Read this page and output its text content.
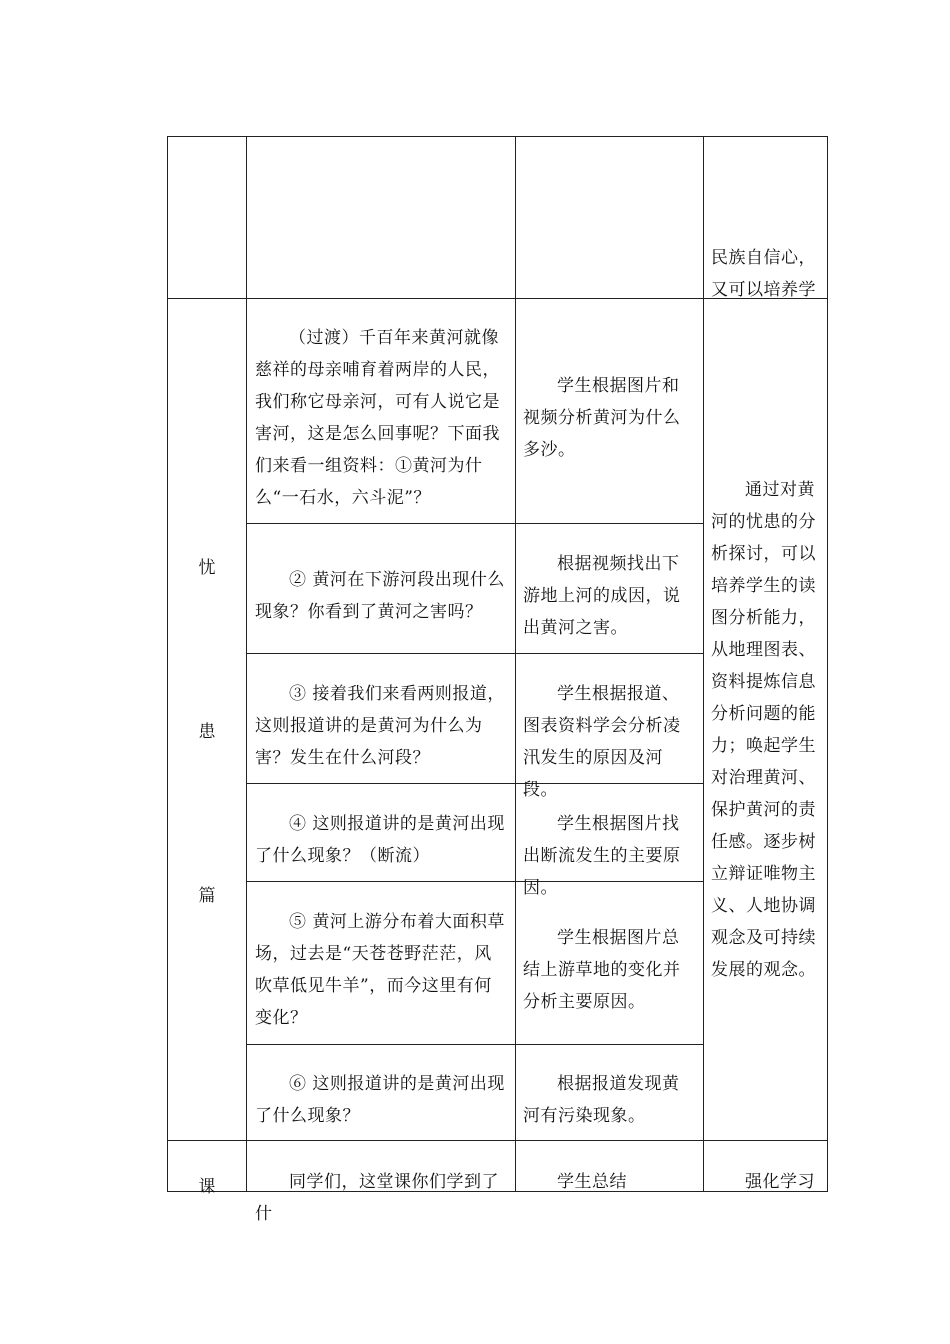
民族自信心，又可以培养学
忧
患
篇
（过渡）千百年来黄河就像慈祥的母亲哺育着两岸的人民，我们称它母亲河，可有人说它是害河，这是怎么回事呢？下面我们来看一组资料：①黄河为什么“一石水，六斗泥”？
② 黄河在下游河段出现什么现象？你看到了黄河之害吗？
③ 接着我们来看两则报道，这则报道讲的是黄河为什么为害？发生在什么河段？
④ 这则报道讲的是黄河出现了什么现象？（断流）
⑤ 黄河上游分布着大面积草场，过去是“天苍苍野茫茫，风吹草低见牛羊”，而今这里有何变化？
⑥ 这则报道讲的是黄河出现了什么现象？
学生根据图片和视频分析黄河为什么多沙。
根据视频找出下游地上河的成因，说出黄河之害。
学生根据报道、图表资料学会分析凌汛发生的原因及河段。
学生根据图片找出断流发生的主要原因。
学生根据图片总结上游草地的变化并分析主要原因。
根据报道发现黄河有污染现象。
通过对黄河的忧患的分析探讨，可以培养学生的读图分析能力，从地理图表、资料提炼信息分析问题的能力；唤起学生对治理黄河、保护黄河的责任感。逐步树立辩证唯物主义、人地协调观念及可持续发展的观念。
课	同学们，这堂课你们学到了什
学生总结	强化学习
